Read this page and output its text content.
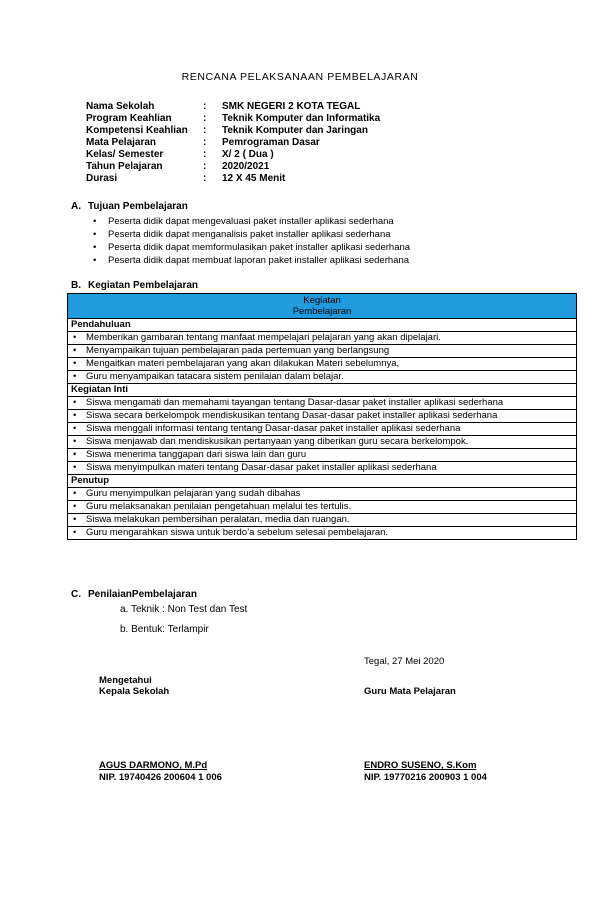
RENCANA PELAKSANAAN PEMBELAJARAN
Nama Sekolah	:	SMK NEGERI 2 KOTA TEGAL
Program Keahlian	:	Teknik Komputer dan Informatika
Kompetensi Keahlian	:	Teknik Komputer dan Jaringan
Mata Pelajaran	:	Pemrograman Dasar
Kelas/ Semester	:	X/ 2 ( Dua )
Tahun Pelajaran	:	2020/2021
Durasi	:	12 X 45 Menit
A. Tujuan Pembelajaran
• Peserta didik dapat mengevaluasi paket installer aplikasi sederhana
• Peserta didik dapat menganalisis paket installer aplikasi sederhana
• Peserta didik dapat memformulasikan paket installer aplikasi sederhana
• Peserta didik dapat membuat laporan paket installer aplikasi sederhana
B. Kegiatan Pembelajaran
Kegiatan
Pembelajaran
Pendahuluan
• Memberikan gambaran tentang manfaat mempelajari pelajaran yang akan dipelajari.
• Menyampaikan tujuan pembelajaran pada pertemuan yang berlangsung
• Mengaitkan materi pembelajaran yang akan dilakukan Materi sebelumnya,
• Guru menyampaikan tatacara sistem penilaian dalam belajar.
Kegiatan Inti
• Siswa mengamati dan memahami tayangan tentang Dasar-dasar paket installer aplikasi sederhana
• Siswa secara berkelompok mendiskusikan tentang Dasar-dasar paket installer aplikasi sederhana
• Siswa menggali informasi tentang tentang Dasar-dasar paket installer aplikasi sederhana
• Siswa menjawab dan mendiskusikan pertanyaan yang diberikan guru secara berkelompok.
• Siswa menerima tanggapan dari siswa lain dan guru
• Siswa menyimpulkan materi tentang Dasar-dasar paket installer aplikasi sederhana
Penutup
• Guru menyimpulkan pelajaran yang sudah dibahas
• Guru melaksanakan penilaian pengetahuan melalui tes tertulis.
• Siswa melakukan pembersihan peralatan, media dan ruangan.
• Guru mengarahkan siswa untuk berdo’a sebelum selesai pembelajaran.
C. PenilaianPembelajaran
a. Teknik : Non Test dan Test
b. Bentuk: Terlampir
Tegal, 27 Mei 2020
Mengetahui
Kepala Sekolah	Guru Mata Pelajaran
AGUS DARMONO, M.Pd
NIP. 19740426 200604 1 006
ENDRO SUSENO, S.Kom
NIP. 19770216 200903 1 004
